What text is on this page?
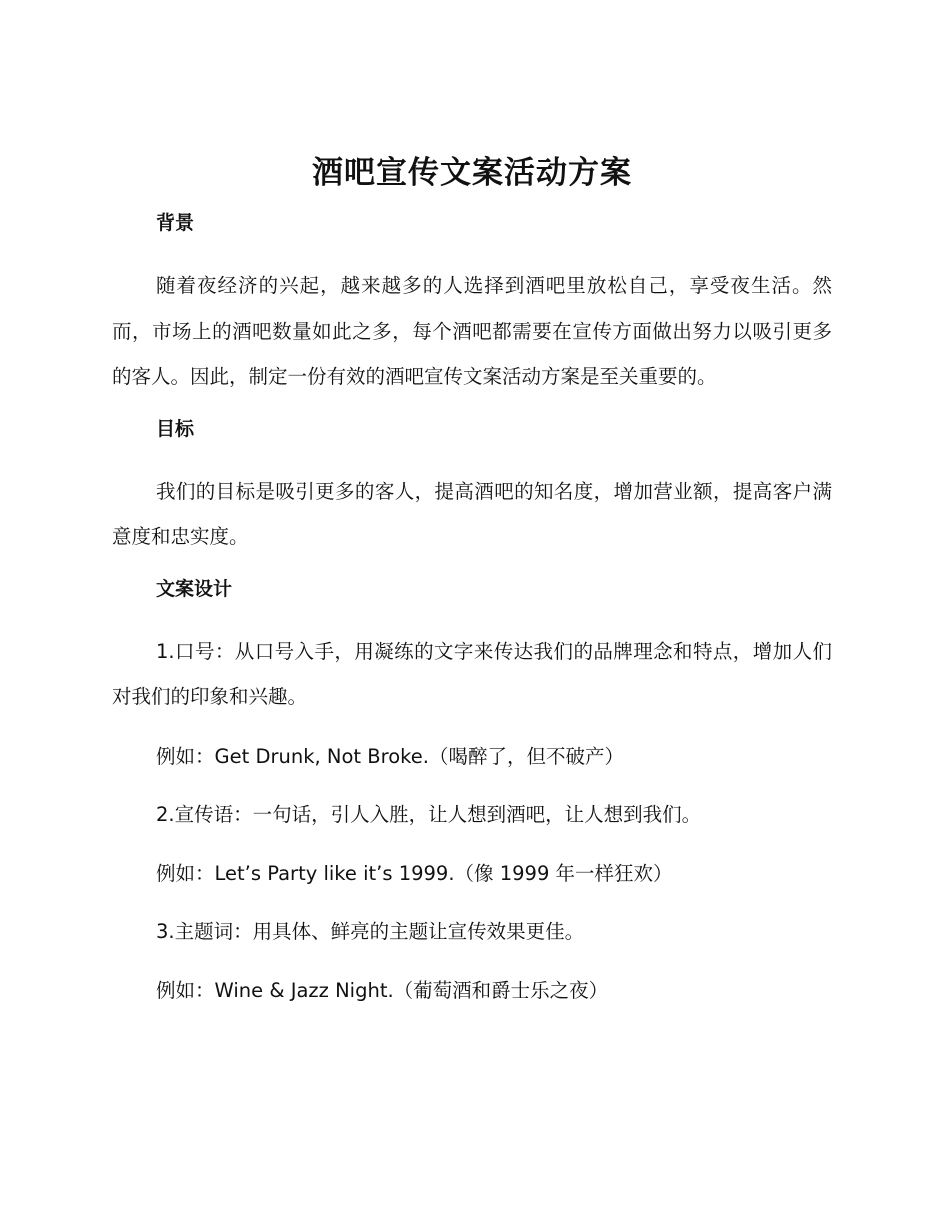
酒吧宣传文案活动方案
背景

随着夜经济的兴起，越来越多的人选择到酒吧里放松自己，享受夜生活。然而，市场上的酒吧数量如此之多，每个酒吧都需要在宣传方面做出努力以吸引更多的客人。因此，制定一份有效的酒吧宣传文案活动方案是至关重要的。

目标

我们的目标是吸引更多的客人，提高酒吧的知名度，增加营业额，提高客户满意度和忠实度。

文案设计

1.口号：从口号入手，用凝练的文字来传达我们的品牌理念和特点，增加人们对我们的印象和兴趣。

例如：Get Drunk, Not Broke.（喝醉了，但不破产）

2.宣传语：一句话，引人入胜，让人想到酒吧，让人想到我们。

例如：Let’s Party like it’s 1999.（像 1999 年一样狂欢）

3.主题词：用具体、鲜亮的主题让宣传效果更佳。

例如：Wine & Jazz Night.（葡萄酒和爵士乐之夜）
